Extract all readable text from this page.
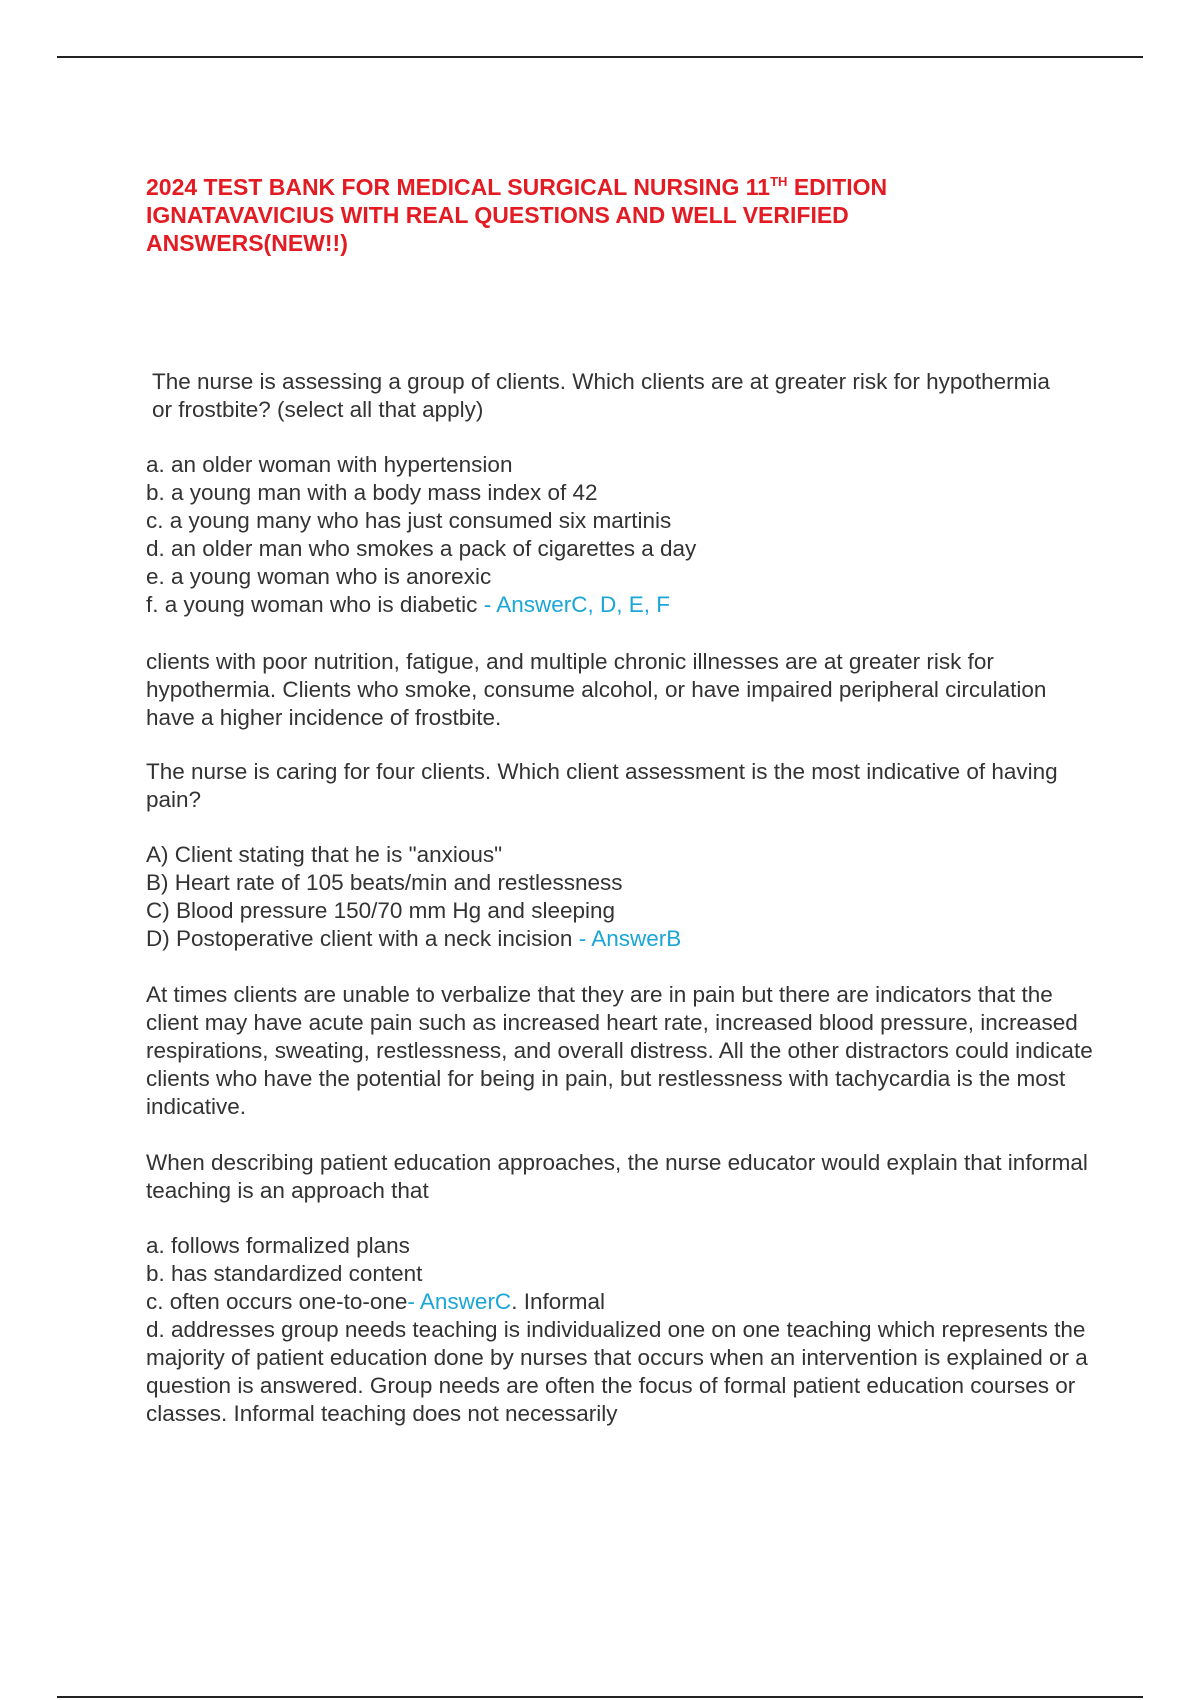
2024 TEST BANK FOR MEDICAL SURGICAL NURSING 11TH EDITION IGNATAVAVICIUS WITH REAL QUESTIONS AND WELL VERIFIED ANSWERS(NEW!!)

The nurse is assessing a group of clients. Which clients are at greater risk for hypothermia or frostbite? (select all that apply)

a. an older woman with hypertension

b. a young man with a body mass index of 42

c. a young many who has just consumed six martinis

d. an older man who smokes a pack of cigarettes a day

e. a young woman who is anorexic

f. a young woman who is diabetic - AnswerC, D, E, F

clients with poor nutrition, fatigue, and multiple chronic illnesses are at greater risk for hypothermia. Clients who smoke, consume alcohol, or have impaired peripheral circulation have a higher incidence of frostbite.

The nurse is caring for four clients. Which client assessment is the most indicative of having pain?

A) Client stating that he is "anxious"

B) Heart rate of 105 beats/min and restlessness

C) Blood pressure 150/70 mm Hg and sleeping

D) Postoperative client with a neck incision - AnswerB

At times clients are unable to verbalize that they are in pain but there are indicators that the client may have acute pain such as increased heart rate, increased blood pressure, increased respirations, sweating, restlessness, and overall distress. All the other distractors could indicate clients who have the potential for being in pain, but restlessness with tachycardia is the most indicative.

When describing patient education approaches, the nurse educator would explain that informal teaching is an approach that

a. follows formalized plans

b. has standardized content

c. often occurs one-to-one- AnswerC. Informal

d. addresses group needs teaching is individualized one on one teaching which represents the majority of patient education done by nurses that occurs when an intervention is explained or a question is answered. Group needs are often the focus of formal patient education courses or classes. Informal teaching does not necessarily
